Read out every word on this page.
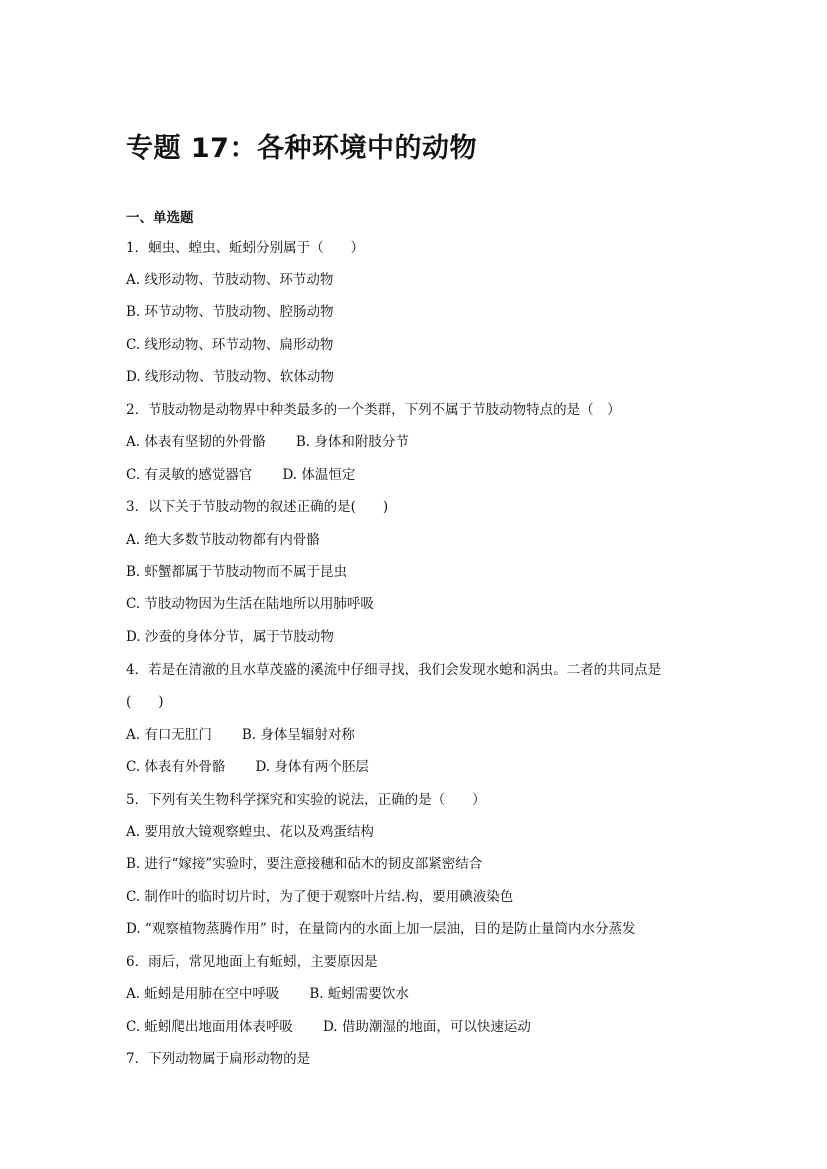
专题 17：各种环境中的动物
一、单选题
1．蛔虫、蝗虫、蚯蚓分别属于（　　）
A. 线形动物、节肢动物、环节动物
B. 环节动物、节肢动物、腔肠动物
C. 线形动物、环节动物、扁形动物
D. 线形动物、节肢动物、软体动物
2．节肢动物是动物界中种类最多的一个类群，下列不属于节肢动物特点的是（　）
A. 体表有坚韧的外骨骼 B. 身体和附肢分节
C. 有灵敏的感觉器官 D. 体温恒定
3．以下关于节肢动物的叙述正确的是(　　)
A. 绝大多数节肢动物都有内骨骼
B. 虾蟹都属于节肢动物而不属于昆虫
C. 节肢动物因为生活在陆地所以用肺呼吸
D. 沙蚕的身体分节，属于节肢动物
4．若是在清澈的且水草茂盛的溪流中仔细寻找，我们会发现水螅和涡虫。二者的共同点是
(　　)
A. 有口无肛门 B. 身体呈辐射对称
C. 体表有外骨骼 D. 身体有两个胚层
5．下列有关生物科学探究和实验的说法，正确的是（　　）
A. 要用放大镜观察蝗虫、花以及鸡蛋结构
B. 进行“嫁接”实验时，要注意接穗和砧木的韧皮部紧密结合
C. 制作叶的临时切片时，为了便于观察叶片结.构，要用碘液染色
D. “观察植物蒸腾作用” 时，在量筒内的水面上加一层油，目的是防止量筒内水分蒸发
6．雨后，常见地面上有蚯蚓，主要原因是
A. 蚯蚓是用肺在空中呼吸 B. 蚯蚓需要饮水
C. 蚯蚓爬出地面用体表呼吸 D. 借助潮湿的地面，可以快速运动
7．下列动物属于扁形动物的是
